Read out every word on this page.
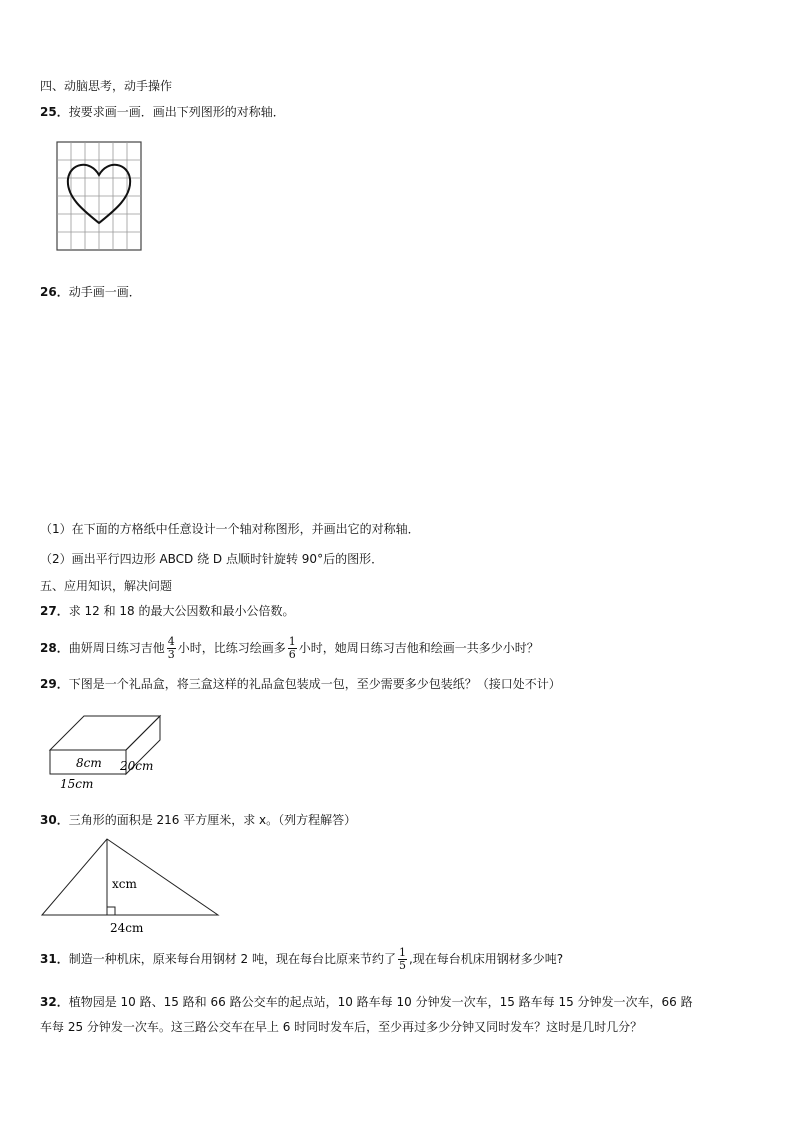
四、动脑思考，动手操作
25．按要求画一画．画出下列图形的对称轴．
26．动手画一画．
（1）在下面的方格纸中任意设计一个轴对称图形，并画出它的对称轴．
（2）画出平行四边形 ABCD 绕 D 点顺时针旋转 90°后的图形．
五、应用知识，解决问题
27．求 12 和 18 的最大公因数和最小公倍数。
28．曲妍周日练习吉他 $\frac{4}{3}$ 小时，比练习绘画多 $\frac{1}{6}$ 小时，她周日练习吉他和绘画一共多少小时？
29．下图是一个礼品盒，将三盒这样的礼品盒包装成一包，至少需要多少包装纸？（接口处不计）
8cm 20cm
15cm
30．三角形的面积是 216 平方厘米，求 x。（列方程解答）
xcm
24cm
31．制造一种机床，原来每台用钢材 2 吨，现在每台比原来节约了 $\frac{1}{5}$ ,现在每台机床用钢材多少吨?
32．植物园是 10 路、15 路和 66 路公交车的起点站，10 路车每 10 分钟发一次车，15 路车每 15 分钟发一次车，66 路
车每 25 分钟发一次车。这三路公交车在早上 6 时同时发车后，至少再过多少分钟又同时发车？这时是几时几分？
